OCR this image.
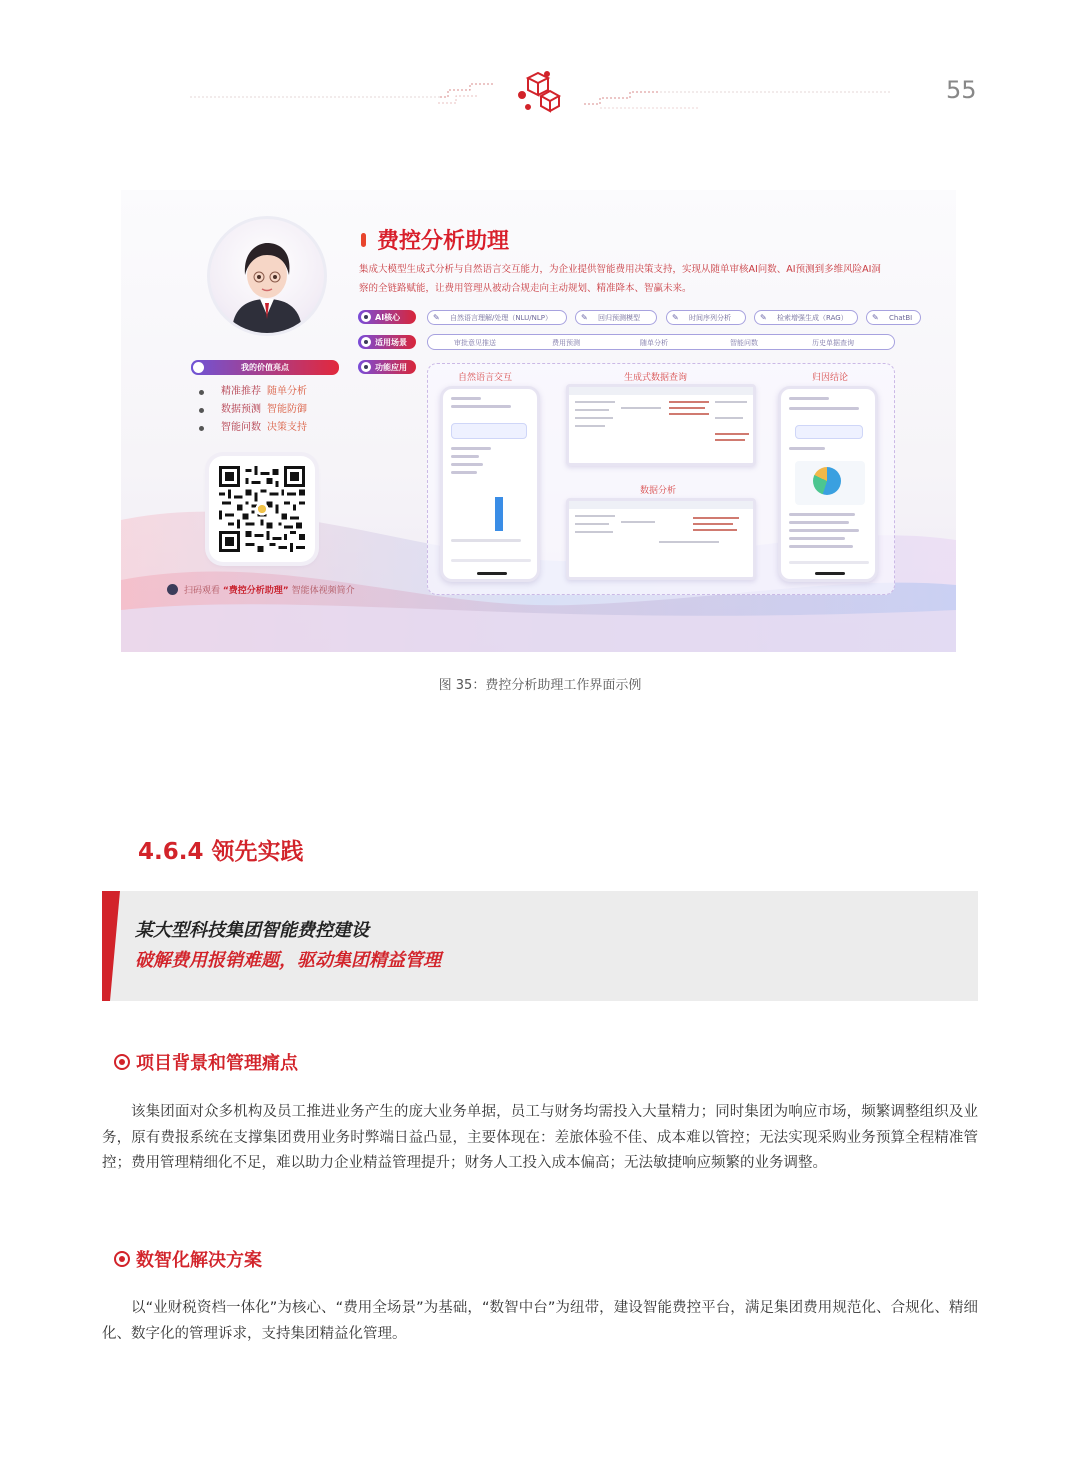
55
费控分析助理
集成大模型生成式分析与自然语言交互能力，为企业提供智能费用决策支持，实现从随单审核AI问数、AI预测到多维风险AI洞察的全链路赋能，让费用管理从被动合规走向主动规划、精准降本、智赢未来。
AI核心	✎ 自然语言理解/处理（NLU/NLP）	✎ 回归预测模型	✎ 时间序列分析	✎ 检索增强生成（RAG）	✎ ChatBI
适用场景	审批意见推送	费用预测	随单分析	智能问数	历史单据查询
功能应用
我的价值亮点
精准推荐 随单分析
数据预测 智能防御
智能问数 决策支持
扫码观看 “费控分析助理” 智能体视频简介
自然语言交互	生成式数据查询	归因结论
数据分析
图 35：费控分析助理工作界面示例
4.6.4 领先实践
某大型科技集团智能费控建设
破解费用报销难题，驱动集团精益管理
项目背景和管理痛点
该集团面对众多机构及员工推进业务产生的庞大业务单据，员工与财务均需投入大量精力；同时集团为响应市场，频繁调整组织及业务，原有费报系统在支撑集团费用业务时弊端日益凸显，主要体现在：差旅体验不佳、成本难以管控；无法实现采购业务预算全程精准管控；费用管理精细化不足，难以助力企业精益管理提升；财务人工投入成本偏高；无法敏捷响应频繁的业务调整。
数智化解决方案
以“业财税资档一体化”为核心、“费用全场景”为基础，“数智中台”为纽带，建设智能费控平台，满足集团费用规范化、合规化、精细化、数字化的管理诉求，支持集团精益化管理。
